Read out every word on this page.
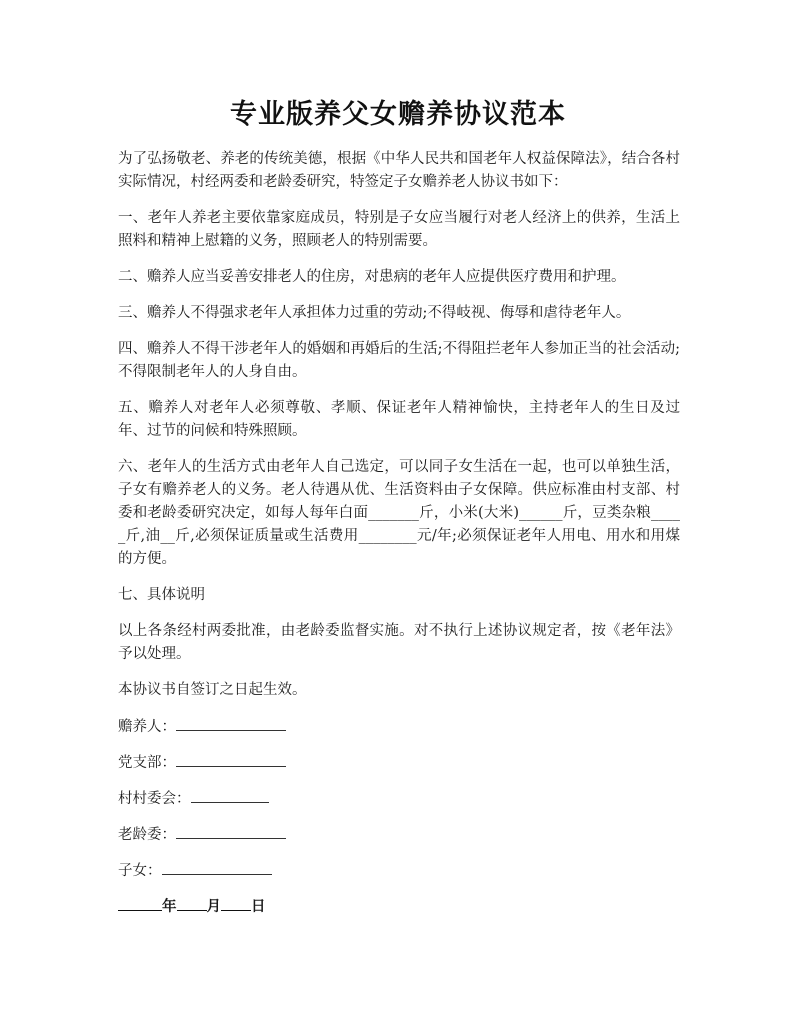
专业版养父女赡养协议范本

为了弘扬敬老、养老的传统美德，根据《中华人民共和国老年人权益保障法》，结合各村实际情况，村经两委和老龄委研究，特签定子女赡养老人协议书如下：

一、老年人养老主要依靠家庭成员，特别是子女应当履行对老人经济上的供养，生活上照料和精神上慰籍的义务，照顾老人的特别需要。

二、赡养人应当妥善安排老人的住房，对患病的老年人应提供医疗费用和护理。

三、赡养人不得强求老年人承担体力过重的劳动;不得岐视、侮辱和虐待老年人。

四、赡养人不得干涉老年人的婚姻和再婚后的生活;不得阻拦老年人参加正当的社会活动;不得限制老年人的人身自由。

五、赡养人对老年人必须尊敬、孝顺、保证老年人精神愉快，主持老年人的生日及过年、过节的问候和特殊照顾。

六、老年人的生活方式由老年人自己选定，可以同子女生活在一起，也可以单独生活，子女有赡养老人的义务。老人待遇从优、生活资料由子女保障。供应标准由村支部、村委和老龄委研究决定，如每人每年白面_______斤，小米(大米)______斤，豆类杂粮_____斤,油__斤,必须保证质量或生活费用________元/年;必须保证老年人用电、用水和用煤的方便。

七、具体说明

以上各条经村两委批准，由老龄委监督实施。对不执行上述协议规定者，按《老年法》予以处理。

本协议书自签订之日起生效。

赡养人：
党支部：
村村委会：
老龄委：
子女：
年 月 日
